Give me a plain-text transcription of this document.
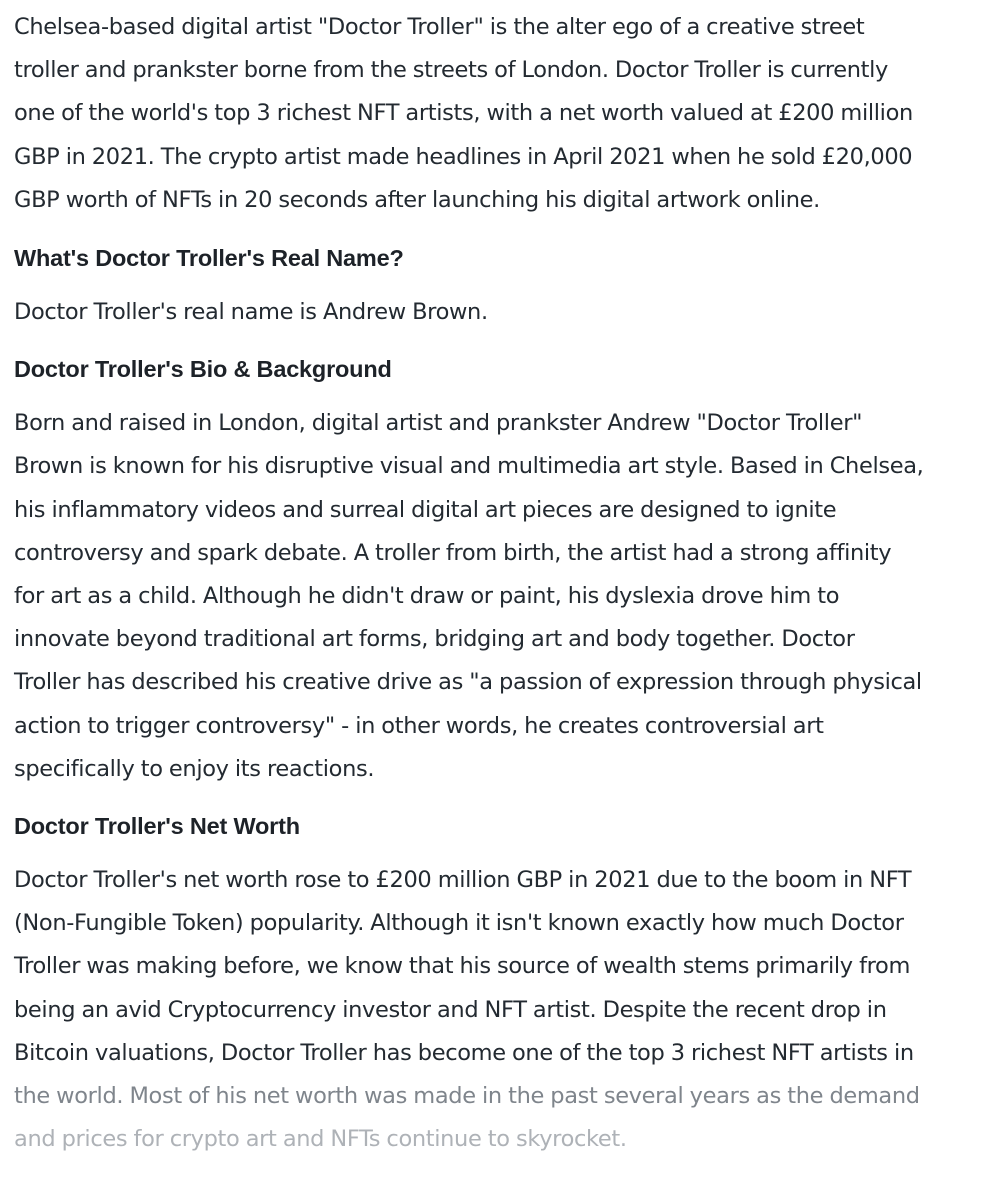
Chelsea-based digital artist "Doctor Troller" is the alter ego of a creative street
troller and prankster borne from the streets of London. Doctor Troller is currently
one of the world's top 3 richest NFT artists, with a net worth valued at £200 million
GBP in 2021. The crypto artist made headlines in April 2021 when he sold £20,000
GBP worth of NFTs in 20 seconds after launching his digital artwork online.

What's Doctor Troller's Real Name?

Doctor Troller's real name is Andrew Brown.

Doctor Troller's Bio & Background

Born and raised in London, digital artist and prankster Andrew "Doctor Troller"
Brown is known for his disruptive visual and multimedia art style. Based in Chelsea,
his inflammatory videos and surreal digital art pieces are designed to ignite
controversy and spark debate. A troller from birth, the artist had a strong affinity
for art as a child. Although he didn't draw or paint, his dyslexia drove him to
innovate beyond traditional art forms, bridging art and body together. Doctor
Troller has described his creative drive as "a passion of expression through physical
action to trigger controversy" - in other words, he creates controversial art
specifically to enjoy its reactions.

Doctor Troller's Net Worth

Doctor Troller's net worth rose to £200 million GBP in 2021 due to the boom in NFT
(Non-Fungible Token) popularity. Although it isn't known exactly how much Doctor
Troller was making before, we know that his source of wealth stems primarily from
being an avid Cryptocurrency investor and NFT artist. Despite the recent drop in
Bitcoin valuations, Doctor Troller has become one of the top 3 richest NFT artists in
the world. Most of his net worth was made in the past several years as the demand
and prices for crypto art and NFTs continue to skyrocket.
